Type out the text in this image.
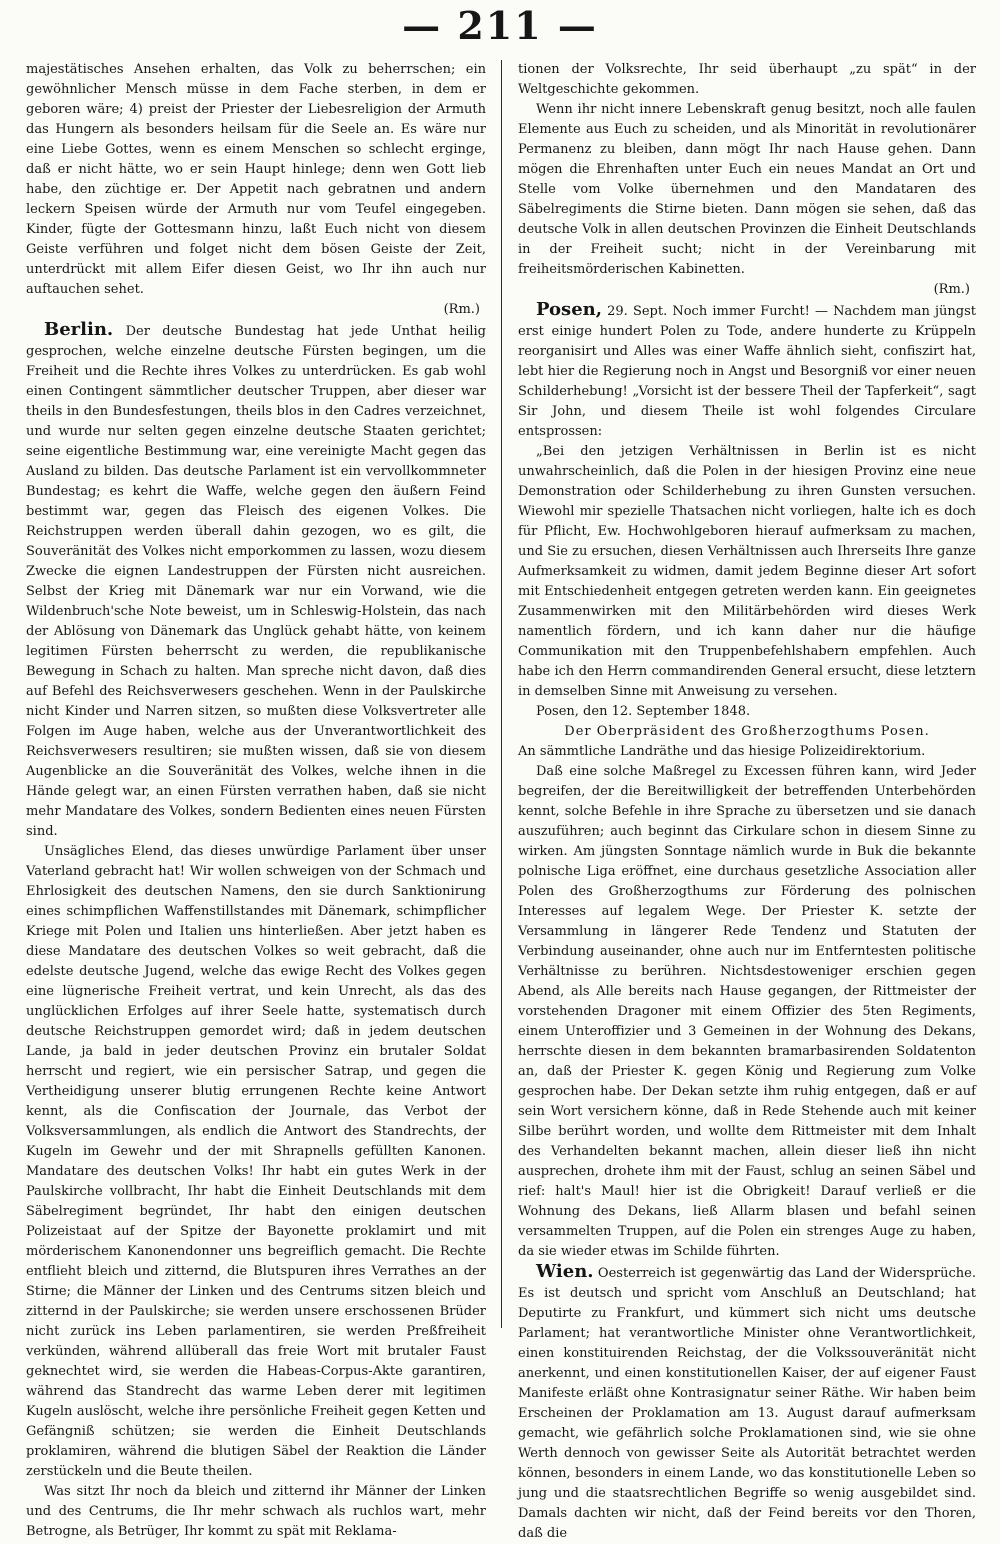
— 211 —

majestätisches Ansehen erhalten, das Volk zu beherrschen; ein gewöhnlicher Mensch müsse in dem Fache sterben, in dem er geboren wäre; 4) preist der Priester der Liebesreligion der Armuth das Hungern als besonders heilsam für die Seele an. Es wäre nur eine Liebe Gottes, wenn es einem Menschen so schlecht erginge, daß er nicht hätte, wo er sein Haupt hinlege; denn wen Gott lieb habe, den züchtige er. Der Appetit nach gebratnen und andern leckern Speisen würde der Armuth nur vom Teufel eingegeben. Kinder, fügte der Gottesmann hinzu, laßt Euch nicht von diesem Geiste verführen und folget nicht dem bösen Geiste der Zeit, unterdrückt mit allem Eifer diesen Geist, wo Ihr ihn auch nur auftauchen sehet.

(Rm.)

Berlin. Der deutsche Bundestag hat jede Unthat heilig gesprochen, welche einzelne deutsche Fürsten begingen, um die Freiheit und die Rechte ihres Volkes zu unterdrücken. Es gab wohl einen Contingent sämmtlicher deutscher Truppen, aber dieser war theils in den Bundesfestungen, theils blos in den Cadres verzeichnet, und wurde nur selten gegen einzelne deutsche Staaten gerichtet; seine eigentliche Bestimmung war, eine vereinigte Macht gegen das Ausland zu bilden. Das deutsche Parlament ist ein vervollkommneter Bundestag; es kehrt die Waffe, welche gegen den äußern Feind bestimmt war, gegen das Fleisch des eigenen Volkes. Die Reichstruppen werden überall dahin gezogen, wo es gilt, die Souveränität des Volkes nicht emporkommen zu lassen, wozu diesem Zwecke die eignen Landestruppen der Fürsten nicht ausreichen. Selbst der Krieg mit Dänemark war nur ein Vorwand, wie die Wildenbruch'sche Note beweist, um in Schleswig-Holstein, das nach der Ablösung von Dänemark das Unglück gehabt hätte, von keinem legitimen Fürsten beherrscht zu werden, die republikanische Bewegung in Schach zu halten. Man spreche nicht davon, daß dies auf Befehl des Reichsverwesers geschehen. Wenn in der Paulskirche nicht Kinder und Narren sitzen, so mußten diese Volksvertreter alle Folgen im Auge haben, welche aus der Unverantwortlichkeit des Reichsverwesers resultiren; sie mußten wissen, daß sie von diesem Augenblicke an die Souveränität des Volkes, welche ihnen in die Hände gelegt war, an einen Fürsten verrathen haben, daß sie nicht mehr Mandatare des Volkes, sondern Bedienten eines neuen Fürsten sind.

Unsägliches Elend, das dieses unwürdige Parlament über unser Vaterland gebracht hat! Wir wollen schweigen von der Schmach und Ehrlosigkeit des deutschen Namens, den sie durch Sanktionirung eines schimpflichen Waffenstillstandes mit Dänemark, schimpflicher Kriege mit Polen und Italien uns hinterließen. Aber jetzt haben es diese Mandatare des deutschen Volkes so weit gebracht, daß die edelste deutsche Jugend, welche das ewige Recht des Volkes gegen eine lügnerische Freiheit vertrat, und kein Unrecht, als das des unglücklichen Erfolges auf ihrer Seele hatte, systematisch durch deutsche Reichstruppen gemordet wird; daß in jedem deutschen Lande, ja bald in jeder deutschen Provinz ein brutaler Soldat herrscht und regiert, wie ein persischer Satrap, und gegen die Vertheidigung unserer blutig errungenen Rechte keine Antwort kennt, als die Confiscation der Journale, das Verbot der Volksversammlungen, als endlich die Antwort des Standrechts, der Kugeln im Gewehr und der mit Shrapnells gefüllten Kanonen. Mandatare des deutschen Volks! Ihr habt ein gutes Werk in der Paulskirche vollbracht, Ihr habt die Einheit Deutschlands mit dem Säbelregiment begründet, Ihr habt den einigen deutschen Polizeistaat auf der Spitze der Bayonette proklamirt und mit mörderischem Kanonendonner uns begreiflich gemacht. Die Rechte entflieht bleich und zitternd, die Blutspuren ihres Verrathes an der Stirne; die Männer der Linken und des Centrums sitzen bleich und zitternd in der Paulskirche; sie werden unsere erschossenen Brüder nicht zurück ins Leben parlamentiren, sie werden Preßfreiheit verkünden, während allüberall das freie Wort mit brutaler Faust geknechtet wird, sie werden die Habeas-Corpus-Akte garantiren, während das Standrecht das warme Leben derer mit legitimen Kugeln auslöscht, welche ihre persönliche Freiheit gegen Ketten und Gefängniß schützen; sie werden die Einheit Deutschlands proklamiren, während die blutigen Säbel der Reaktion die Länder zerstückeln und die Beute theilen.

Was sitzt Ihr noch da bleich und zitternd ihr Männer der Linken und des Centrums, die Ihr mehr schwach als ruchlos wart, mehr Betrogne, als Betrüger, Ihr kommt zu spät mit Reklama-

tionen der Volksrechte, Ihr seid überhaupt „zu spät“ in der Weltgeschichte gekommen.

Wenn ihr nicht innere Lebenskraft genug besitzt, noch alle faulen Elemente aus Euch zu scheiden, und als Minorität in revolutionärer Permanenz zu bleiben, dann mögt Ihr nach Hause gehen. Dann mögen die Ehrenhaften unter Euch ein neues Mandat an Ort und Stelle vom Volke übernehmen und den Mandataren des Säbelregiments die Stirne bieten. Dann mögen sie sehen, daß das deutsche Volk in allen deutschen Provinzen die Einheit Deutschlands in der Freiheit sucht; nicht in der Vereinbarung mit freiheitsmörderischen Kabinetten.

(Rm.)

Posen, 29. Sept. Noch immer Furcht! — Nachdem man jüngst erst einige hundert Polen zu Tode, andere hunderte zu Krüppeln reorganisirt und Alles was einer Waffe ähnlich sieht, confiszirt hat, lebt hier die Regierung noch in Angst und Besorgniß vor einer neuen Schilderhebung! „Vorsicht ist der bessere Theil der Tapferkeit“, sagt Sir John, und diesem Theile ist wohl folgendes Circulare entsprossen:

„Bei den jetzigen Verhältnissen in Berlin ist es nicht unwahrscheinlich, daß die Polen in der hiesigen Provinz eine neue Demonstration oder Schilderhebung zu ihren Gunsten versuchen. Wiewohl mir spezielle Thatsachen nicht vorliegen, halte ich es doch für Pflicht, Ew. Hochwohlgeboren hierauf aufmerksam zu machen, und Sie zu ersuchen, diesen Verhältnissen auch Ihrerseits Ihre ganze Aufmerksamkeit zu widmen, damit jedem Beginne dieser Art sofort mit Entschiedenheit entgegen getreten werden kann. Ein geeignetes Zusammenwirken mit den Militärbehörden wird dieses Werk namentlich fördern, und ich kann daher nur die häufige Communikation mit den Truppenbefehlshabern empfehlen. Auch habe ich den Herrn commandirenden General ersucht, diese letztern in demselben Sinne mit Anweisung zu versehen.

Posen, den 12. September 1848.

Der Oberpräsident des Großherzogthums Posen.

An sämmtliche Landräthe und das hiesige Polizeidirektorium.

Daß eine solche Maßregel zu Excessen führen kann, wird Jeder begreifen, der die Bereitwilligkeit der betreffenden Unterbehörden kennt, solche Befehle in ihre Sprache zu übersetzen und sie danach auszuführen; auch beginnt das Cirkulare schon in diesem Sinne zu wirken. Am jüngsten Sonntage nämlich wurde in Buk die bekannte polnische Liga eröffnet, eine durchaus gesetzliche Association aller Polen des Großherzogthums zur Förderung des polnischen Interesses auf legalem Wege. Der Priester K. setzte der Versammlung in längerer Rede Tendenz und Statuten der Verbindung auseinander, ohne auch nur im Entferntesten politische Verhältnisse zu berühren. Nichtsdestoweniger erschien gegen Abend, als Alle bereits nach Hause gegangen, der Rittmeister der vorstehenden Dragoner mit einem Offizier des 5ten Regiments, einem Unteroffizier und 3 Gemeinen in der Wohnung des Dekans, herrschte diesen in dem bekannten bramarbasirenden Soldatenton an, daß der Priester K. gegen König und Regierung zum Volke gesprochen habe. Der Dekan setzte ihm ruhig entgegen, daß er auf sein Wort versichern könne, daß in Rede Stehende auch mit keiner Silbe berührt worden, und wollte dem Rittmeister mit dem Inhalt des Verhandelten bekannt machen, allein dieser ließ ihn nicht ausprechen, drohete ihm mit der Faust, schlug an seinen Säbel und rief: halt's Maul! hier ist die Obrigkeit! Darauf verließ er die Wohnung des Dekans, ließ Allarm blasen und befahl seinen versammelten Truppen, auf die Polen ein strenges Auge zu haben, da sie wieder etwas im Schilde führten.

Wien. Oesterreich ist gegenwärtig das Land der Widersprüche. Es ist deutsch und spricht vom Anschluß an Deutschland; hat Deputirte zu Frankfurt, und kümmert sich nicht ums deutsche Parlament; hat verantwortliche Minister ohne Verantwortlichkeit, einen konstituirenden Reichstag, der die Volkssouveränität nicht anerkennt, und einen konstitutionellen Kaiser, der auf eigener Faust Manifeste erläßt ohne Kontrasignatur seiner Räthe. Wir haben beim Erscheinen der Proklamation am 13. August darauf aufmerksam gemacht, wie gefährlich solche Proklamationen sind, wie sie ohne Werth dennoch von gewisser Seite als Autorität betrachtet werden können, besonders in einem Lande, wo das konstitutionelle Leben so jung und die staatsrechtlichen Begriffe so wenig ausgebildet sind. Damals dachten wir nicht, daß der Feind bereits vor den Thoren, daß die
